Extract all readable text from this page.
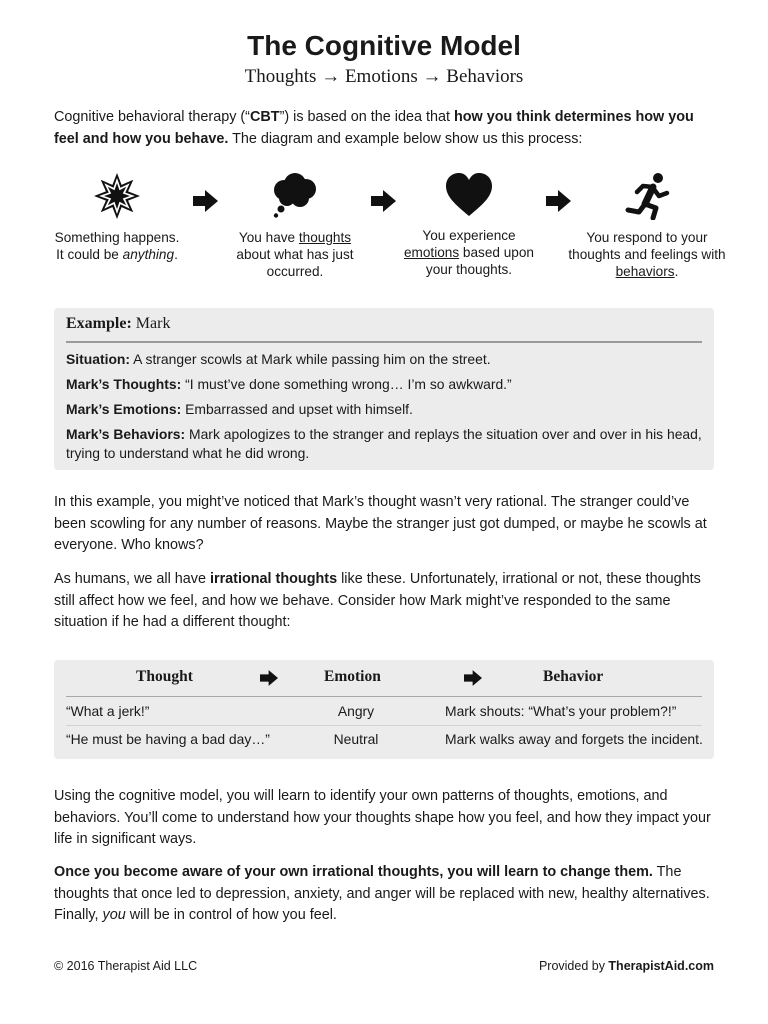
The Cognitive Model
Thoughts → Emotions → Behaviors

Cognitive behavioral therapy (“CBT”) is based on the idea that how you think determines how you feel and how you behave. The diagram and example below show us this process:

Something happens.
It could be anything.
You have thoughts
about what has just occurred.
You experience
emotions based upon your thoughts.
You respond to your thoughts and feelings with behaviors.
Example: Mark

Situation: A stranger scowls at Mark while passing him on the street.

Mark’s Thoughts: “I must’ve done something wrong… I’m so awkward.”

Mark’s Emotions: Embarrassed and upset with himself.

Mark’s Behaviors: Mark apologizes to the stranger and replays the situation over and over in his head, trying to understand what he did wrong.

In this example, you might’ve noticed that Mark’s thought wasn’t very rational. The stranger could’ve been scowling for any number of reasons. Maybe the stranger just got dumped, or maybe he scowls at everyone. Who knows?

As humans, we all have irrational thoughts like these. Unfortunately, irrational or not, these thoughts still affect how we feel, and how we behave. Consider how Mark might’ve responded to the same situation if he had a different thought:

Thought	Emotion	Behavior
“What a jerk!”	Angry	Mark shouts: “What’s your problem?!”
“He must be having a bad day…”	Neutral	Mark walks away and forgets the incident.

Using the cognitive model, you will learn to identify your own patterns of thoughts, emotions, and behaviors. You’ll come to understand how your thoughts shape how you feel, and how they impact your life in significant ways.

Once you become aware of your own irrational thoughts, you will learn to change them. The thoughts that once led to depression, anxiety, and anger will be replaced with new, healthy alternatives. Finally, you will be in control of how you feel.

© 2016 Therapist Aid LLC	Provided by TherapistAid.com
